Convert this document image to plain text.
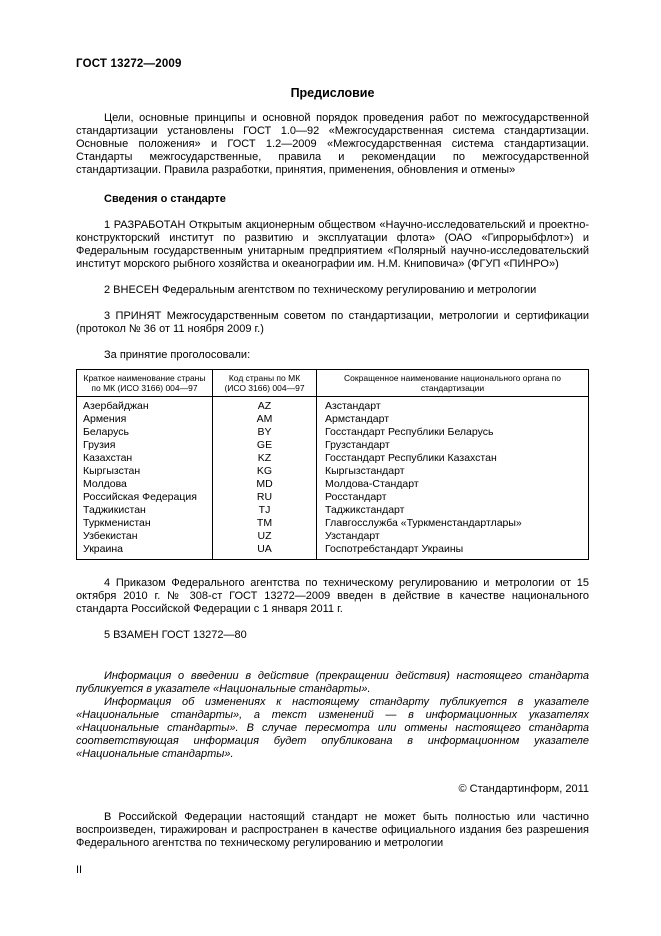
ГОСТ 13272—2009
Предисловие

Цели, основные принципы и основной порядок проведения работ по межгосударственной стандартизации установлены ГОСТ 1.0—92 «Межгосударственная система стандартизации. Основные положения» и ГОСТ 1.2—2009 «Межгосударственная система стандартизации. Стандарты межгосударственные, правила и рекомендации по межгосударственной стандартизации. Правила разработки, принятия, применения, обновления и отмены»

Сведения о стандарте

1 РАЗРАБОТАН Открытым акционерным обществом «Научно-исследовательский и проектно-конструкторский институт по развитию и эксплуатации флота» (ОАО «Гипрорыбфлот») и Федеральным государственным унитарным предприятием «Полярный научно-исследовательский институт морского рыбного хозяйства и океанографии им. Н.М. Книповича» (ФГУП «ПИНРО»)

2 ВНЕСЕН Федеральным агентством по техническому регулированию и метрологии

3 ПРИНЯТ Межгосударственным советом по стандартизации, метрологии и сертификации (протокол № 36 от 11 ноября 2009 г.)

За принятие проголосовали:

Краткое наименование страны по МК (ИСО 3166) 004—97	Код страны по МК (ИСО 3166) 004—97	Сокращенное наименование национального органа по стандартизации
Азербайджан	AZ	Азстандарт
Армения	AM	Армстандарт
Беларусь	BY	Госстандарт Республики Беларусь
Грузия	GE	Грузстандарт
Казахстан	KZ	Госстандарт Республики Казахстан
Кыргызстан	KG	Кыргызстандарт
Молдова	MD	Молдова-Стандарт
Российская Федерация	RU	Росстандарт
Таджикистан	TJ	Таджикстандарт
Туркменистан	TM	Главгосслужба «Туркменстандартлары»
Узбекистан	UZ	Узстандарт
Украина	UA	Госпотребстандарт Украины

4 Приказом Федерального агентства по техническому регулированию и метрологии от 15 октября 2010 г. № 308-ст ГОСТ 13272—2009 введен в действие в качестве национального стандарта Российской Федерации с 1 января 2011 г.

5 ВЗАМЕН ГОСТ 13272—80

Информация о введении в действие (прекращении действия) настоящего стандарта публикуется в указателе «Национальные стандарты».

Информация об изменениях к настоящему стандарту публикуется в указателе «Национальные стандарты», а текст изменений — в информационных указателях «Национальные стандарты». В случае пересмотра или отмены настоящего стандарта соответствующая информация будет опубликована в информационном указателе «Национальные стандарты».

© Стандартинформ, 2011

В Российской Федерации настоящий стандарт не может быть полностью или частично воспроизведен, тиражирован и распространен в качестве официального издания без разрешения Федерального агентства по техническому регулированию и метрологии

II
